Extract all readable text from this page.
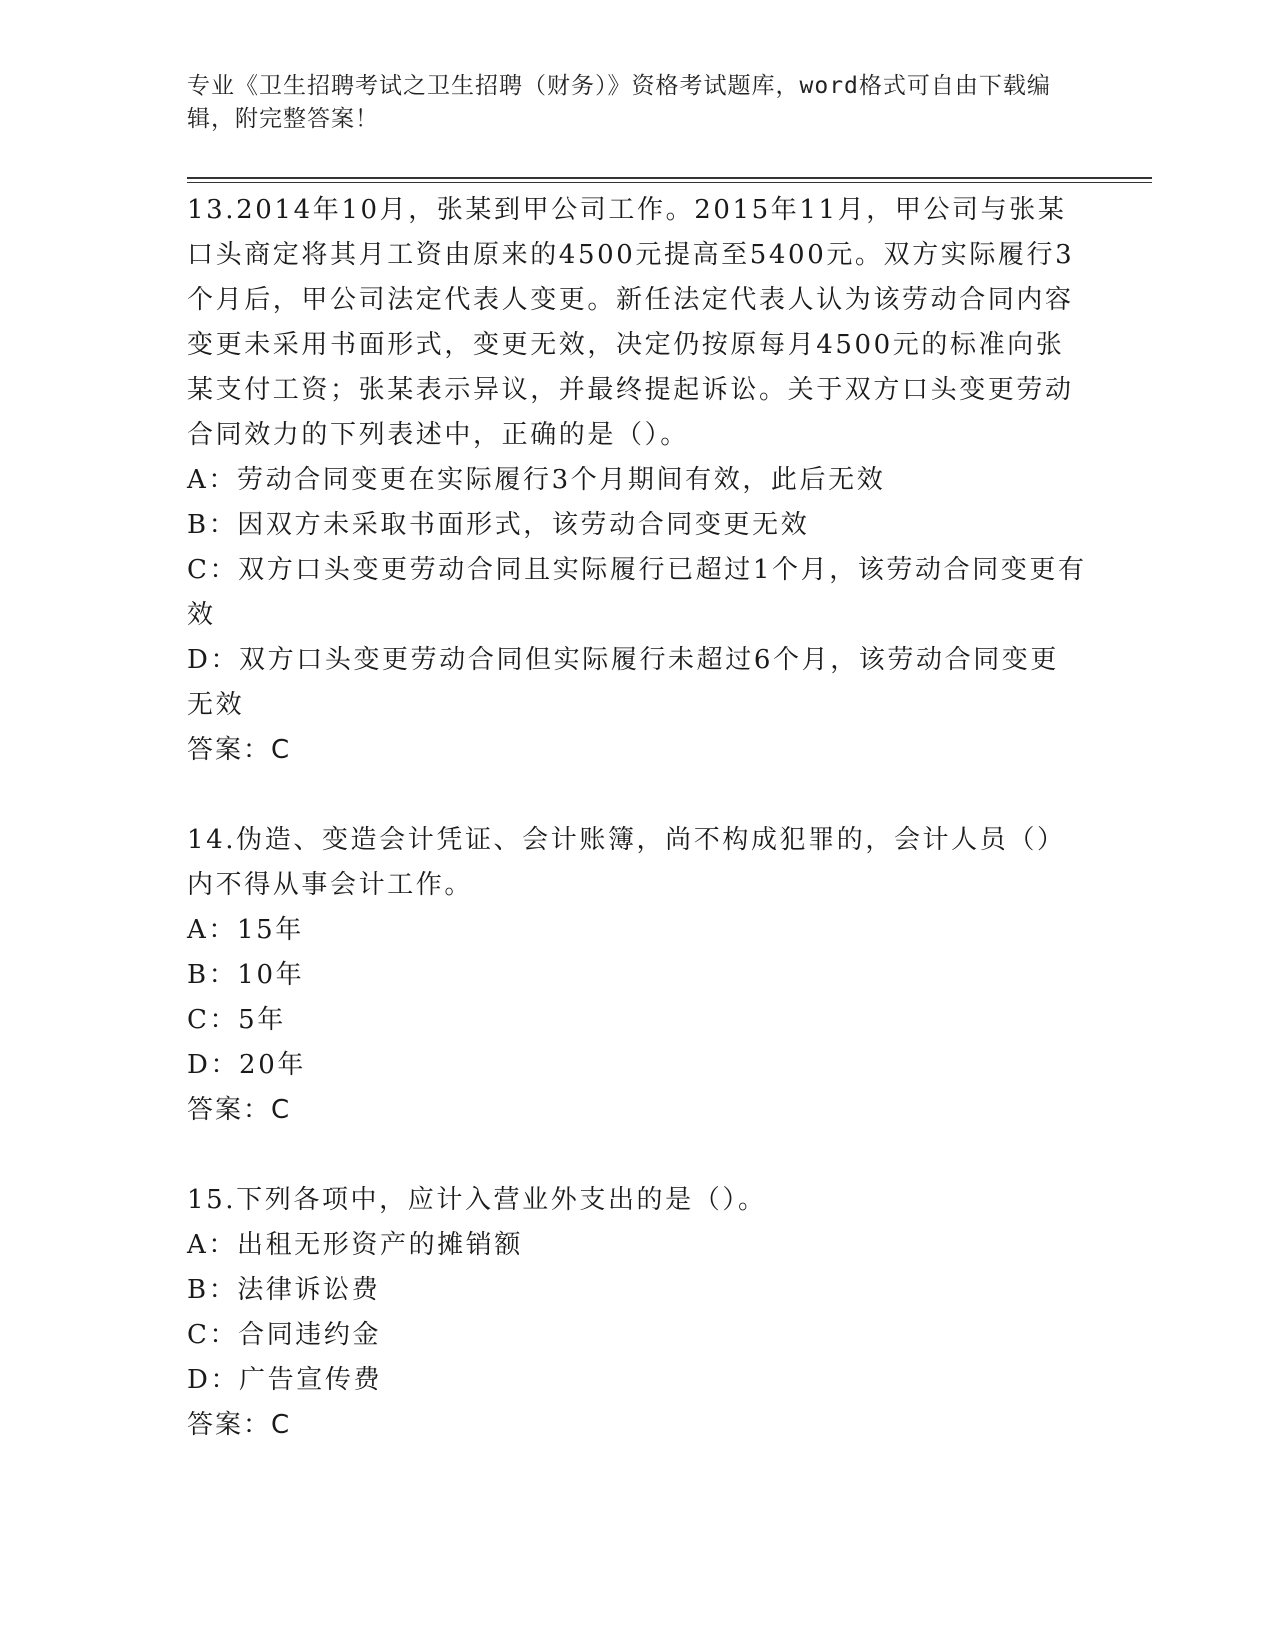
专业《卫生招聘考试之卫生招聘（财务）》资格考试题库，word格式可自由下载编辑，附完整答案！

13.2014年10月，张某到甲公司工作。2015年11月，甲公司与张某口头商定将其月工资由原来的4500元提高至5400元。双方实际履行3个月后，甲公司法定代表人变更。新任法定代表人认为该劳动合同内容变更未采用书面形式，变更无效，决定仍按原每月4500元的标准向张某支付工资；张某表示异议，并最终提起诉讼。关于双方口头变更劳动合同效力的下列表述中，正确的是（）。

A：劳动合同变更在实际履行3个月期间有效，此后无效

B：因双方未采取书面形式，该劳动合同变更无效

C：双方口头变更劳动合同且实际履行已超过1个月，该劳动合同变更有效

D：双方口头变更劳动合同但实际履行未超过6个月，该劳动合同变更无效

答案：C

14.伪造、变造会计凭证、会计账簿，尚不构成犯罪的，会计人员（）内不得从事会计工作。

A：15年

B：10年

C：5年

D：20年

答案：C

15.下列各项中，应计入营业外支出的是（）。

A：出租无形资产的摊销额

B：法律诉讼费

C：合同违约金

D：广告宣传费

答案：C
